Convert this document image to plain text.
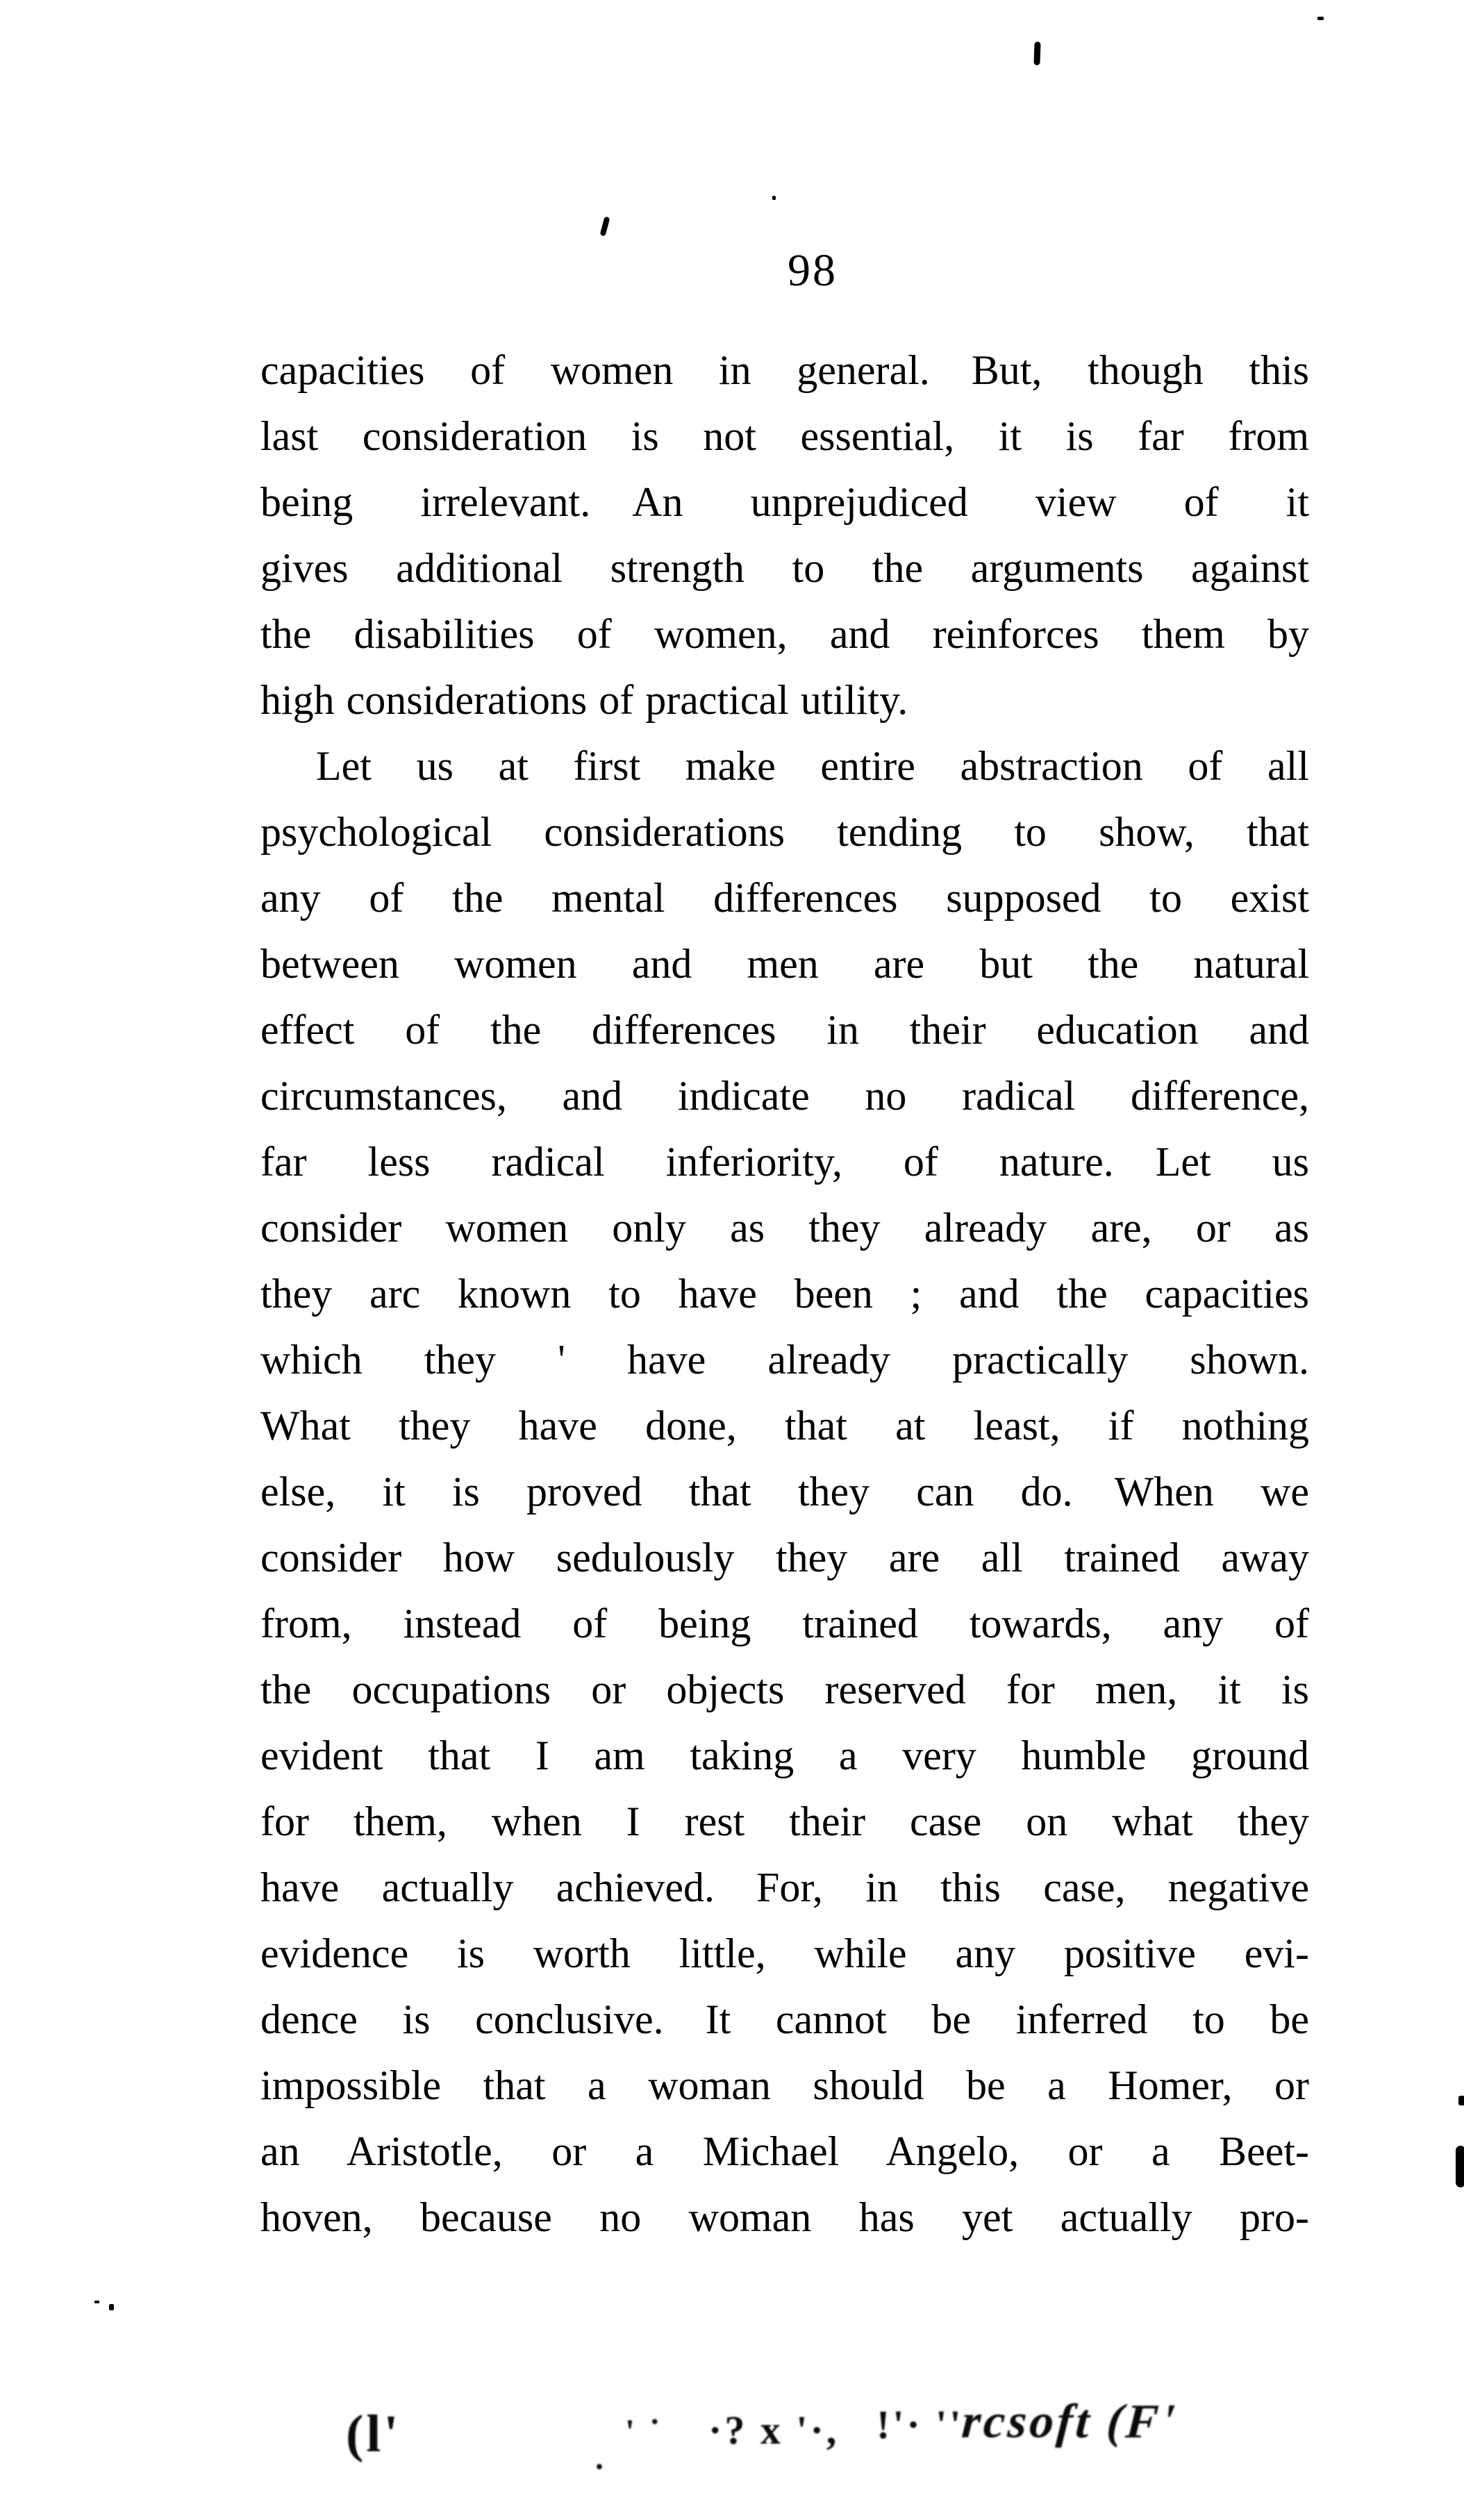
98
capacities of women in general. But, though this
last consideration is not essential, it is far from
being irrelevant. An unprejudiced view of it
gives additional strength to the arguments against
the disabilities of women, and reinforces them by
high considerations of practical utility.
Let us at first make entire abstraction of all
psychological considerations tending to show, that
any of the mental differences supposed to exist
between women and men are but the natural
effect of the differences in their education and
circumstances, and indicate no radical difference,
far less radical inferiority, of nature. Let us
consider women only as they already are, or as
they arc known to have been ; and the capacities
which they ' have already practically shown.
What they have done, that at least, if nothing
else, it is proved that they can do. When we
consider how sedulously they are all trained away
from, instead of being trained towards, any of
the occupations or objects reserved for men, it is
evident that I am taking a very humble ground
for them, when I rest their case on what they
have actually achieved. For, in this case, negative
evidence is worth little, while any positive evi-
dence is conclusive. It cannot be inferred to be
impossible that a woman should be a Homer, or
an Aristotle, or a Michael Angelo, or a Beet-
hoven, because no woman has yet actually pro-
(l'
·
' ˙ ·? x '·, !'· ''
rcsoft (F'
